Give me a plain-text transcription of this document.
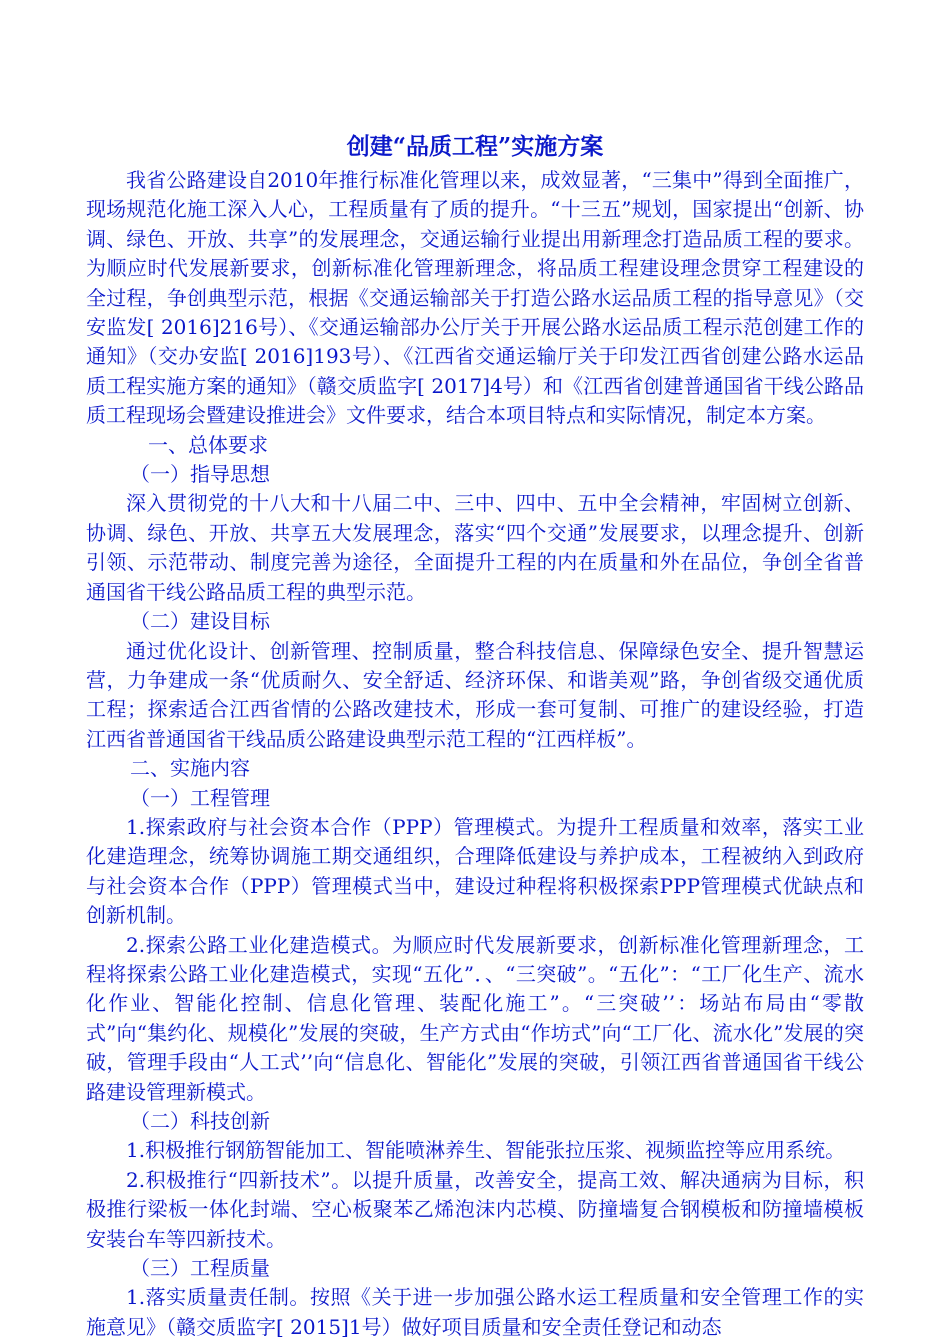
创建“品质工程”实施方案

我省公路建设自2010年推行标准化管理以来，成效显著，“三集中”得到全面推广，现场规范化施工深入人心，工程质量有了质的提升。“十三五”规划，国家提出“创新、协调、绿色、开放、共享”的发展理念，交通运输行业提出用新理念打造品质工程的要求。为顺应时代发展新要求，创新标准化管理新理念，将品质工程建设理念贯穿工程建设的全过程，争创典型示范，根据《交通运输部关于打造公路水运品质工程的指导意见》（交安监发[ 2016]216号）、《交通运输部办公厅关于开展公路水运品质工程示范创建工作的通知》（交办安监[ 2016]193号）、《江西省交通运输厅关于印发江西省创建公路水运品质工程实施方案的通知》（赣交质监字[ 2017]4号）和《江西省创建普通国省干线公路品质工程现场会暨建设推进会》文件要求，结合本项目特点和实际情况，制定本方案。

一、总体要求

（一）指导思想

深入贯彻党的十八大和十八届二中、三中、四中、五中全会精神，牢固树立创新、协调、绿色、开放、共享五大发展理念，落实“四个交通”发展要求，以理念提升、创新引领、示范带动、制度完善为途径，全面提升工程的内在质量和外在品位，争创全省普通国省干线公路品质工程的典型示范。

（二）建设目标

通过优化设计、创新管理、控制质量，整合科技信息、保障绿色安全、提升智慧运营，力争建成一条“优质耐久、安全舒适、经济环保、和谐美观”路，争创省级交通优质工程；探索适合江西省情的公路改建技术，形成一套可复制、可推广的建设经验，打造江西省普通国省干线品质公路建设典型示范工程的“江西样板”。

二、实施内容

（一）工程管理

1.探索政府与社会资本合作（PPP）管理模式。为提升工程质量和效率，落实工业化建造理念，统筹协调施工期交通组织，合理降低建设与养护成本，工程被纳入到政府与社会资本合作（PPP）管理模式当中，建设过种程将积极探索PPP管理模式优缺点和创新机制。

2.探索公路工业化建造模式。为顺应时代发展新要求，创新标准化管理新理念，工程将探索公路工业化建造模式，实现“五化”．、“三突破”。“五化”：“工厂化生产、流水化作业、智能化控制、信息化管理、装配化施工”。“三突破’’：场站布局由“零散式”向“集约化、规模化”发展的突破，生产方式由“作坊式”向“工厂化、流水化”发展的突破，管理手段由“人工式’’向“信息化、智能化”发展的突破，引领江西省普通国省干线公路建设管理新模式。

（二）科技创新

1.积极推行钢筋智能加工、智能喷淋养生、智能张拉压浆、视频监控等应用系统。

2.积极推行“四新技术”。以提升质量，改善安全，提高工效、解决通病为目标，积极推行梁板一体化封端、空心板聚苯乙烯泡沫内芯模、防撞墙复合钢模板和防撞墙模板安装台车等四新技术。

（三）工程质量

1.落实质量责任制。按照《关于进一步加强公路水运工程质量和安全管理工作的实施意见》（赣交质监字[ 2015]1号）做好项目质量和安全责任登记和动态
